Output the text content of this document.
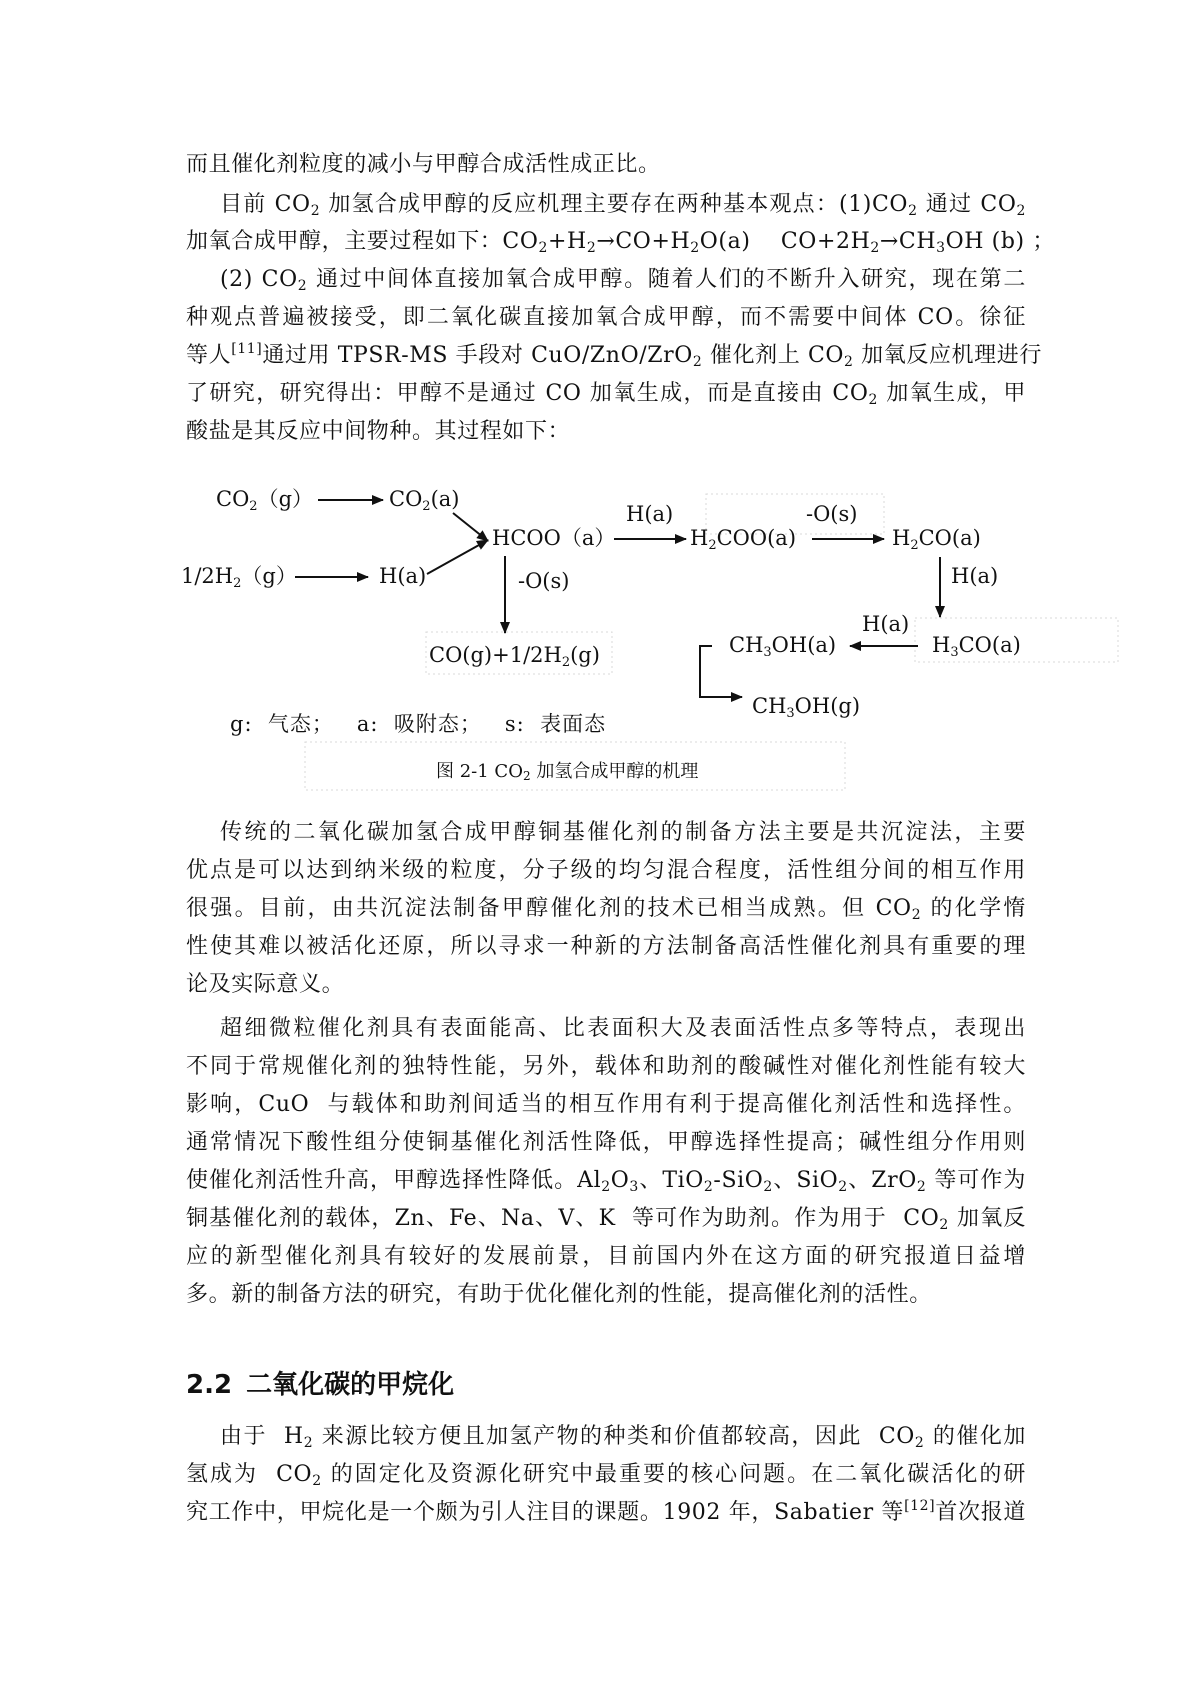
而且催化剂粒度的减小与甲醇合成活性成正比。
目前 $CO_2$ 加氢合成甲醇的反应机理主要存在两种基本观点：$(1)CO_2$ 通过 $CO_2$
加氧合成甲醇，主要过程如下：$CO_2+H_2\to CO+H_2O(a)$    $CO+2H_2\to CH_3OH$ (b) ；
(2) $CO_2$ 通过中间体直接加氧合成甲醇。随着人们的不断升入研究，现在第二
种观点普遍被接受，即二氧化碳直接加氧合成甲醇，而不需要中间体 CO。徐征
等人[11]通过用 TPSR-MS 手段对 CuO/ZnO/ZrO$_2$ 催化剂上 $CO_2$ 加氧反应机理进行
了研究，研究得出：甲醇不是通过 CO 加氧生成，而是直接由 $CO_2$ 加氧生成，甲
酸盐是其反应中间物种。其过程如下：
$CO_2(g)$	$CO_2(a)$
$1/2H_2(g)$	H(a)
HCOO（a）
H(a)
$H_2COO(a)$
-O(s)
$H_2CO(a)$
-O(s)
$CO(g)+1/2H_2(g)$
H(a)
H(a)
$H_3CO(a)$
$CH_3OH(a)$
$CH_3OH(g)$
g:  气态；   a:  吸附态；   s:  表面态
图 2-1 $CO_2$ 加氢合成甲醇的机理
传统的二氧化碳加氢合成甲醇铜基催化剂的制备方法主要是共沉淀法，主要
优点是可以达到纳米级的粒度，分子级的均匀混合程度，活性组分间的相互作用
很强。目前，由共沉淀法制备甲醇催化剂的技术已相当成熟。但 $CO_2$ 的化学惰
性使其难以被活化还原，所以寻求一种新的方法制备高活性催化剂具有重要的理
论及实际意义。
超细微粒催化剂具有表面能高、比表面积大及表面活性点多等特点，表现出
不同于常规催化剂的独特性能，另外，载体和助剂的酸碱性对催化剂性能有较大
影响，CuO  与载体和助剂间适当的相互作用有利于提高催化剂活性和选择性。
通常情况下酸性组分使铜基催化剂活性降低，甲醇选择性提高；碱性组分作用则
使催化剂活性升高，甲醇选择性降低。$Al_2O_3$、TiO$_2$-SiO$_2$、SiO$_2$、ZrO$_2$ 等可作为
铜基催化剂的载体，Zn、Fe、Na、V、K  等可作为助剂。作为用于  $CO_2$ 加氧反
应的新型催化剂具有较好的发展前景，目前国内外在这方面的研究报道日益增
多。新的制备方法的研究，有助于优化催化剂的性能，提高催化剂的活性。
2.2 二氧化碳的甲烷化
由于  $H_2$ 来源比较方便且加氢产物的种类和价值都较高，因此  $CO_2$ 的催化加
氢成为  $CO_2$ 的固定化及资源化研究中最重要的核心问题。在二氧化碳活化的研
究工作中，甲烷化是一个颇为引人注目的课题。1902 年，Sabatier 等[12]首次报道
